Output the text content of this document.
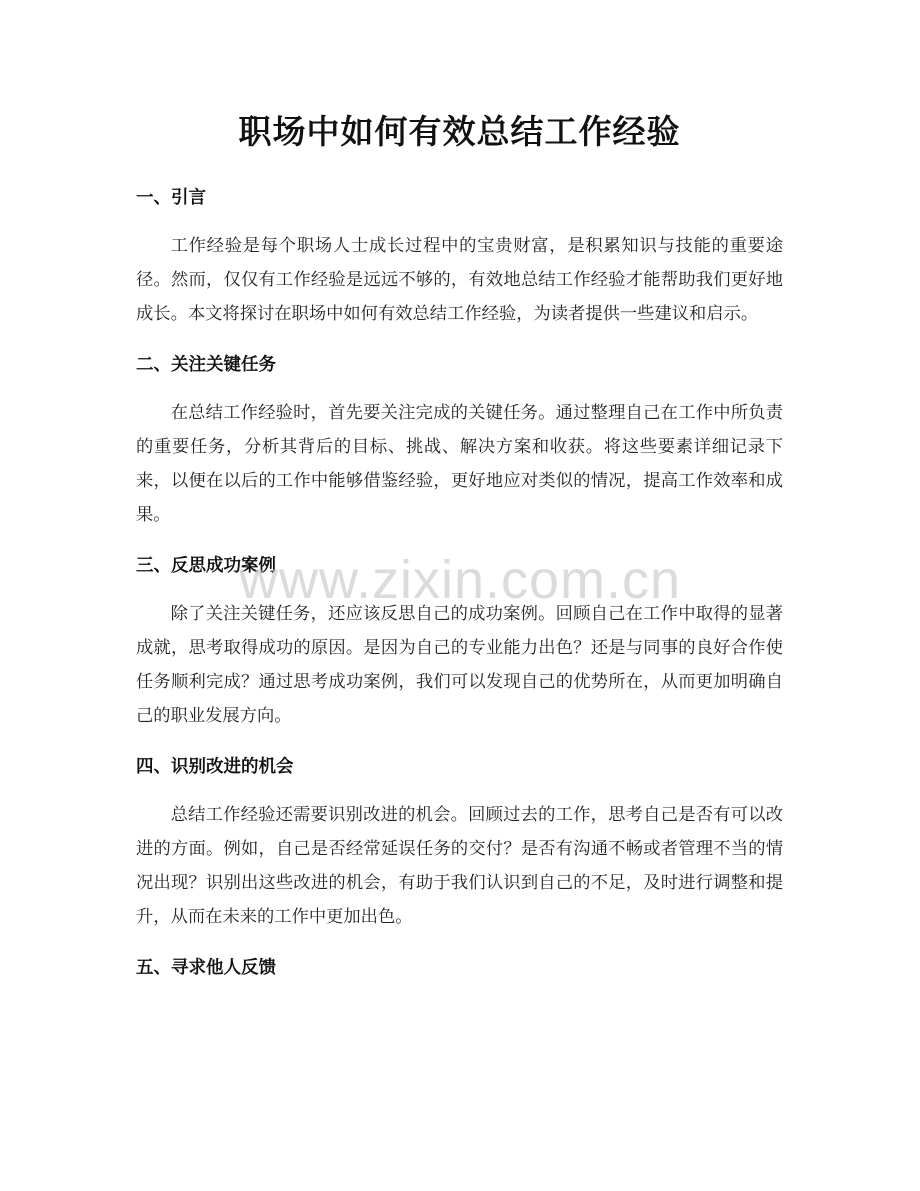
职场中如何有效总结工作经验
一、引言

工作经验是每个职场人士成长过程中的宝贵财富，是积累知识与技能的重要途径。然而，仅仅有工作经验是远远不够的，有效地总结工作经验才能帮助我们更好地成长。本文将探讨在职场中如何有效总结工作经验，为读者提供一些建议和启示。

二、关注关键任务

在总结工作经验时，首先要关注完成的关键任务。通过整理自己在工作中所负责的重要任务，分析其背后的目标、挑战、解决方案和收获。将这些要素详细记录下来，以便在以后的工作中能够借鉴经验，更好地应对类似的情况，提高工作效率和成果。

三、反思成功案例

除了关注关键任务，还应该反思自己的成功案例。回顾自己在工作中取得的显著成就，思考取得成功的原因。是因为自己的专业能力出色？还是与同事的良好合作使任务顺利完成？通过思考成功案例，我们可以发现自己的优势所在，从而更加明确自己的职业发展方向。

四、识别改进的机会

总结工作经验还需要识别改进的机会。回顾过去的工作，思考自己是否有可以改进的方面。例如，自己是否经常延误任务的交付？是否有沟通不畅或者管理不当的情况出现？识别出这些改进的机会，有助于我们认识到自己的不足，及时进行调整和提升，从而在未来的工作中更加出色。

五、寻求他人反馈
www.zixin.com.cn
